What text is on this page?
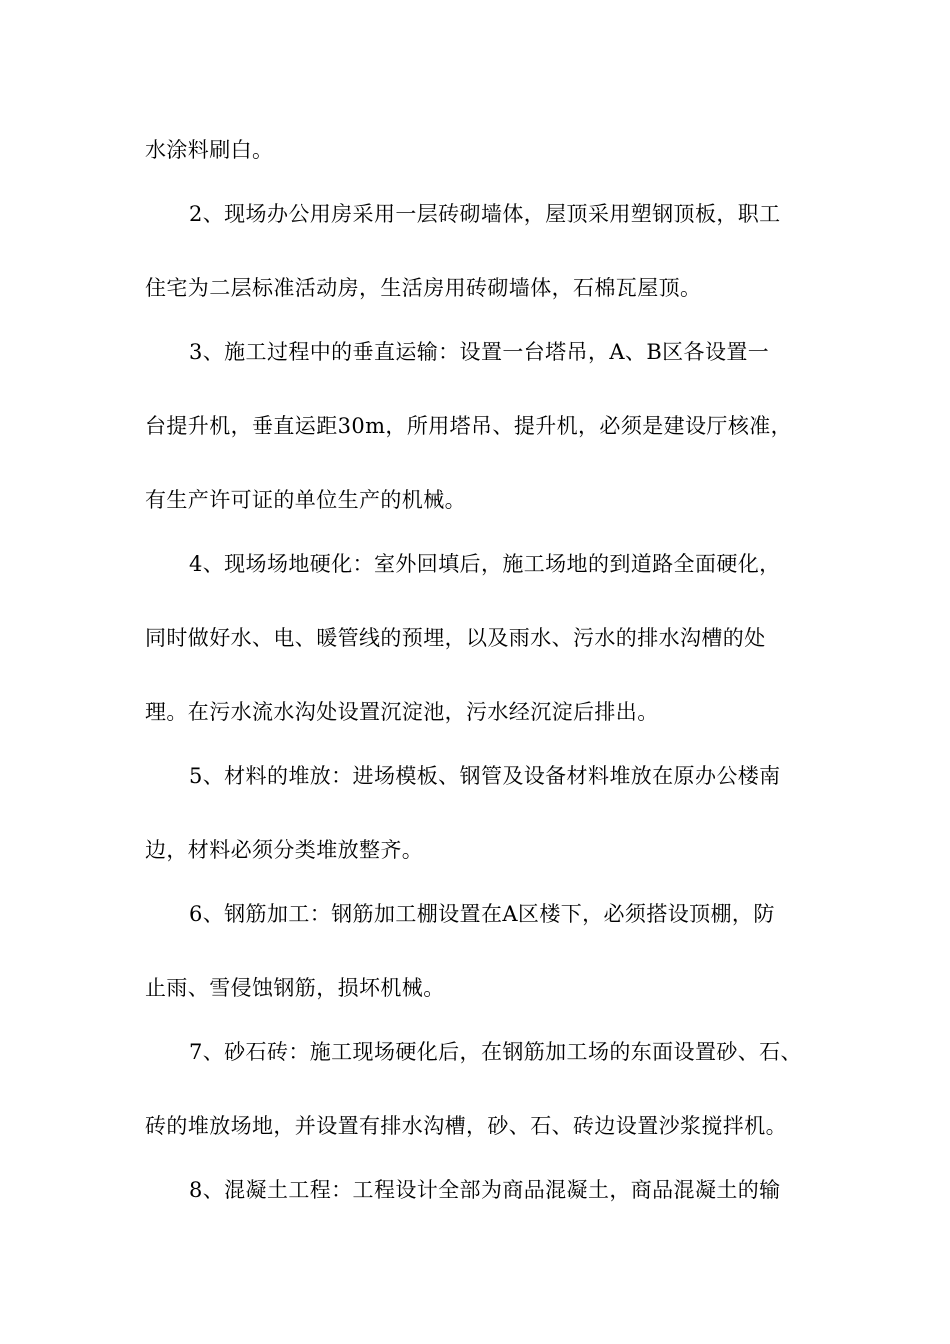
水涂料刷白。
2、现场办公用房采用一层砖砌墙体，屋顶采用塑钢顶板，职工
住宅为二层标准活动房，生活房用砖砌墙体，石棉瓦屋顶。
3、施工过程中的垂直运输：设置一台塔吊，A、B区各设置一
台提升机，垂直运距30m，所用塔吊、提升机，必须是建设厅核准，
有生产许可证的单位生产的机械。
4、现场场地硬化：室外回填后，施工场地的到道路全面硬化，
同时做好水、电、暖管线的预埋，以及雨水、污水的排水沟槽的处
理。在污水流水沟处设置沉淀池，污水经沉淀后排出。
5、材料的堆放：进场模板、钢管及设备材料堆放在原办公楼南
边，材料必须分类堆放整齐。
6、钢筋加工：钢筋加工棚设置在A区楼下，必须搭设顶棚，防
止雨、雪侵蚀钢筋，损坏机械。
7、砂石砖：施工现场硬化后，在钢筋加工场的东面设置砂、石、
砖的堆放场地，并设置有排水沟槽，砂、石、砖边设置沙浆搅拌机。
8、混凝土工程：工程设计全部为商品混凝土，商品混凝土的输
